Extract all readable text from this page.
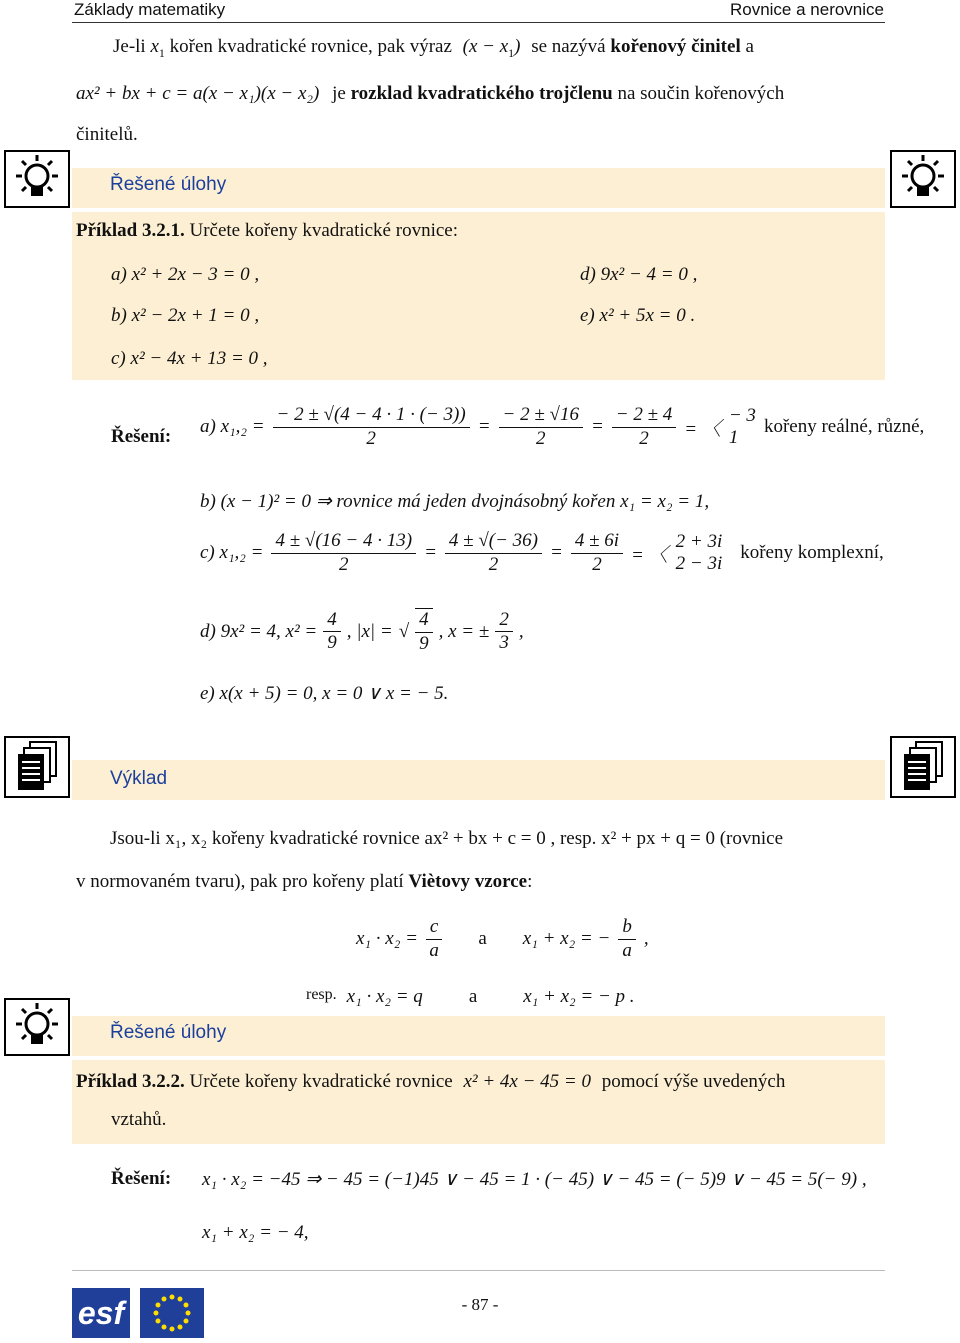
Základy matematiky	Rovnice a nerovnice
Je-li $x_1$ kořen kvadratické rovnice, pak výraz $(x - x_1)$ se nazývá kořenový činitel a
ax² + bx + c = a(x − x₁)(x − x₂) je rozklad kvadratického trojčlenu na součin kořenových
činitelů.
Řešené úlohy
Příklad 3.2.1. Určete kořeny kvadratické rovnice:
a) x² + 2x − 3 = 0 ,
b) x² − 2x + 1 = 0 ,
c) x² − 4x + 13 = 0 ,
d) 9x² − 4 = 0 ,
e) x² + 5x = 0 .
Řešení: a) $x_1,_2 = \frac{- 2 \pm √(4 - 4 \cdot 1 \cdot (- 3))}{2} = \frac{- 2 \pm √16}{2} = \frac{- 2 \pm 4}{2}$ = 〈
− 3
1
kořeny reálné, různé,
b) (x − 1)² = 0 ⇒ rovnice má jeden dvojnásobný kořen x₁ = x₂ = 1,
c) $x_1,_2 = \frac{4 \pm √(16 - 4 \cdot 13)}{2} = \frac{4 \pm √(- 36)}{2} = \frac{4 \pm 6i}{2}$ = 〈
2 + 3i
2 − 3i
kořeny komplexní,
d) 9x² = 4, $x^2 = \frac{4}{9}$ , |x| = √ $\frac{4}{9}$ , x = ± $\frac{2}{3}$ ,
e) x(x + 5) = 0, x = 0 ∨ x = − 5.
Výklad
Jsou-li x₁, x₂ kořeny kvadratické rovnice ax² + bx + c = 0 , resp. x² + px + q = 0 (rovnice
v normovaném tvaru), pak pro kořeny platí Viètovy vzorce:
$x_1 \cdot x_2 = \frac{c}{a}$ a x₁ + x₂ = − $\frac{b}{a}$ ,
resp. x₁ · x₂ = q a x₁ + x₂ = − p .
Řešené úlohy
Příklad 3.2.2. Určete kořeny kvadratické rovnice x² + 4x − 45 = 0 pomocí výše uvedených
vztahů.
Řešení: x₁ · x₂ = −45 ⇒ − 45 = (−1)45 ∨ − 45 = 1 · (− 45) ∨ − 45 = (− 5)9 ∨ − 45 = 5(− 9) ,
x₁ + x₂ = − 4,
esf	- 87 -
